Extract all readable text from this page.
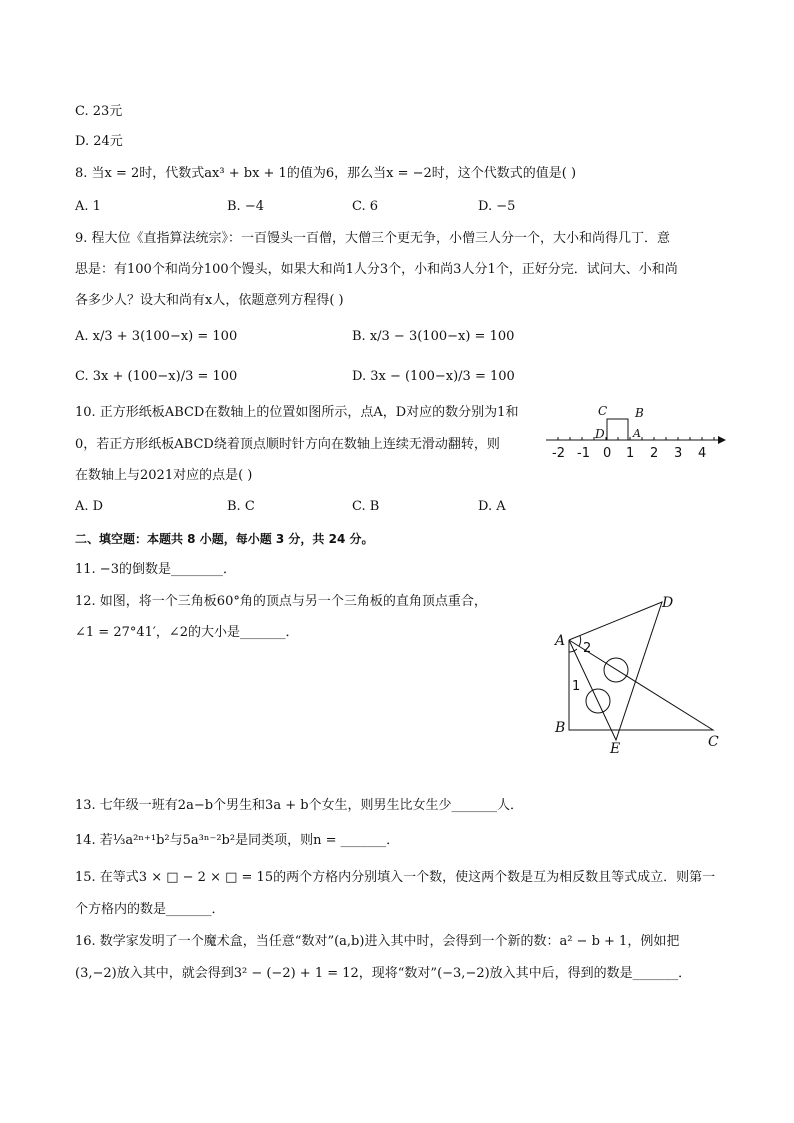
C. 23元
D. 24元
8. 当x = 2时，代数式ax³ + bx + 1的值为6，那么当x = −2时，这个代数式的值是( )
A. 1	B. −4	C. 6	D. −5
9. 程大位《直指算法统宗》：一百馒头一百僧，大僧三个更无争，小僧三人分一个，大小和尚得几丁．意
思是：有100个和尚分100个馒头，如果大和尚1人分3个，小和尚3人分1个，正好分完．试问大、小和尚
各多少人？设大和尚有x人，依题意列方程得( )
A. x/3 + 3(100−x) = 100	B. x/3 − 3(100−x) = 100
C. 3x + (100−x)/3 = 100	D. 3x − (100−x)/3 = 100
10. 正方形纸板ABCD在数轴上的位置如图所示，点A，D对应的数分别为1和
0，若正方形纸板ABCD绕着顶点顺时针方向在数轴上连续无滑动翻转，则
在数轴上与2021对应的点是( )
A. D	B. C	C. B	D. A
-2 -1 0 1 2 3 4
C B
D	A
二、填空题：本题共 8 小题，每小题 3 分，共 24 分。
11. −3的倒数是________．
12. 如图，将一个三角板60°角的顶点与另一个三角板的直角顶点重合，
∠1 = 27°41′，∠2的大小是_______．
A
B
C
D
E
1
2
13. 七年级一班有2a−b个男生和3a + b个女生，则男生比女生少_______人．
14. 若⅓a²ⁿ⁺¹b²与5a³ⁿ⁻²b²是同类项，则n = _______．
15. 在等式3 × □ − 2 × □ = 15的两个方格内分别填入一个数，使这两个数是互为相反数且等式成立．则第一
个方格内的数是_______．
16. 数学家发明了一个魔术盒，当任意“数对”(a,b)进入其中时，会得到一个新的数：a² − b + 1，例如把
(3,−2)放入其中，就会得到3² − (−2) + 1 = 12，现将“数对”(−3,−2)放入其中后，得到的数是_______．
